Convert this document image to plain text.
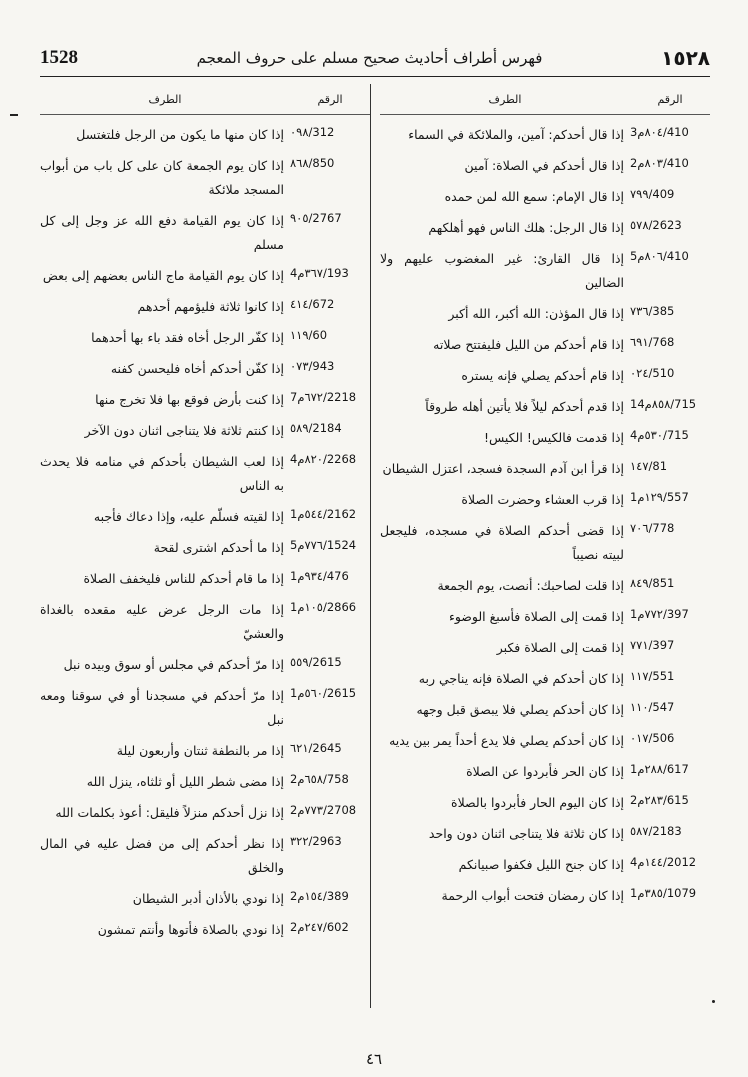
1528	فهرس أطراف أحاديث صحيح مسلم على حروف المعجم	١٥٢٨
الرقم
الطرف
410/٨٠٤م3
إذا قال أحدكم: آمين، والملائكة في السماء
410/٨٠٣م2
إذا قال أحدكم في الصلاة: آمين
409/٧٩٩
إذا قال الإمام: سمع الله لمن حمده
2623/٥٧٨
إذا قال الرجل: هلك الناس فهو أهلكهم
410/٨٠٦م5
إذا قال القارئ: غير المغضوب عليهم ولا الضالين
385/٧٣٦
إذا قال المؤذن: الله أكبر، الله أكبر
768/٦٩١
إذا قام أحدكم من الليل فليفتتح صلاته
510/٠٢٤
إذا قام أحدكم يصلي فإنه يستره
715/٨٥٨م14
إذا قدم أحدكم ليلاً فلا يأتين أهله طروقاً
715/٥٣٠م4
إذا قدمت فالكيس! الكيس!
81/١٤٧
إذا قرأ ابن آدم السجدة فسجد، اعتزل الشيطان
557/١٢٩م1
إذا قرب العشاء وحضرت الصلاة
778/٧٠٦
إذا قضى أحدكم الصلاة في مسجده، فليجعل لبيته نصيباً
851/٨٤٩
إذا قلت لصاحبك: أنصت، يوم الجمعة
397/٧٧٢م1
إذا قمت إلى الصلاة فأسبغ الوضوء
397/٧٧١
إذا قمت إلى الصلاة فكبر
551/١١٧
إذا كان أحدكم في الصلاة فإنه يناجي ربه
547/١١٠
إذا كان أحدكم يصلي فلا يبصق قبل وجهه
506/٠١٧
إذا كان أحدكم يصلي فلا يدع أحداً يمر بين يديه
617/٢٨٨م1
إذا كان الحر فأبردوا عن الصلاة
615/٢٨٣م2
إذا كان اليوم الحار فأبردوا بالصلاة
2183/٥٨٧
إذا كان ثلاثة فلا يتناجى اثنان دون واحد
2012/١٤٤م4
إذا كان جنح الليل فكفوا صبيانكم
1079/٣٨٥م1
إذا كان رمضان فتحت أبواب الرحمة
الرقم
الطرف
312/٠٩٨
إذا كان منها ما يكون من الرجل فلتغتسل
850/٨٦٨
إذا كان يوم الجمعة كان على كل باب من أبواب المسجد ملائكة
2767/٩٠٥
إذا كان يوم القيامة دفع الله عز وجل إلى كل مسلم
193/٣٦٧م4
إذا كان يوم القيامة ماج الناس بعضهم إلى بعض
672/٤١٤
إذا كانوا ثلاثة فليؤمهم أحدهم
60/١١٩
إذا كفّر الرجل أخاه فقد باء بها أحدهما
943/٠٧٣
إذا كفّن أحدكم أخاه فليحسن كفنه
2218/٦٧٢م7
إذا كنت بأرض فوقع بها فلا تخرج منها
2184/٥٨٩
إذا كنتم ثلاثة فلا يتناجى اثنان دون الآخر
2268/٨٢٠م4
إذا لعب الشيطان بأحدكم في منامه فلا يحدث به الناس
2162/٥٤٤م1
إذا لقيته فسلّم عليه، وإذا دعاك فأجبه
1524/٧٧٦م5
إذا ما أحدكم اشترى لقحة
476/٩٣٤م1
إذا ما قام أحدكم للناس فليخفف الصلاة
2866/١٠٥م1
إذا مات الرجل عرض عليه مقعده بالغداة والعشيّ
2615/٥٥٩
إذا مرّ أحدكم في مجلس أو سوق وبيده نبل
2615/٥٦٠م1
إذا مرّ أحدكم في مسجدنا أو في سوقنا ومعه نبل
2645/٦٢١
إذا مر بالنطفة ثنتان وأربعون ليلة
758/٦٥٨م2
إذا مضى شطر الليل أو ثلثاه، ينزل الله
2708/٧٧٣م2
إذا نزل أحدكم منزلاً فليقل: أعوذ بكلمات الله
2963/٣٢٢
إذا نظر أحدكم إلى من فضل عليه في المال والخلق
389/١٥٤م2
إذا نودي بالأذان أدبر الشيطان
602/٢٤٧م2
إذا نودي بالصلاة فأتوها وأنتم تمشون
٤٦
